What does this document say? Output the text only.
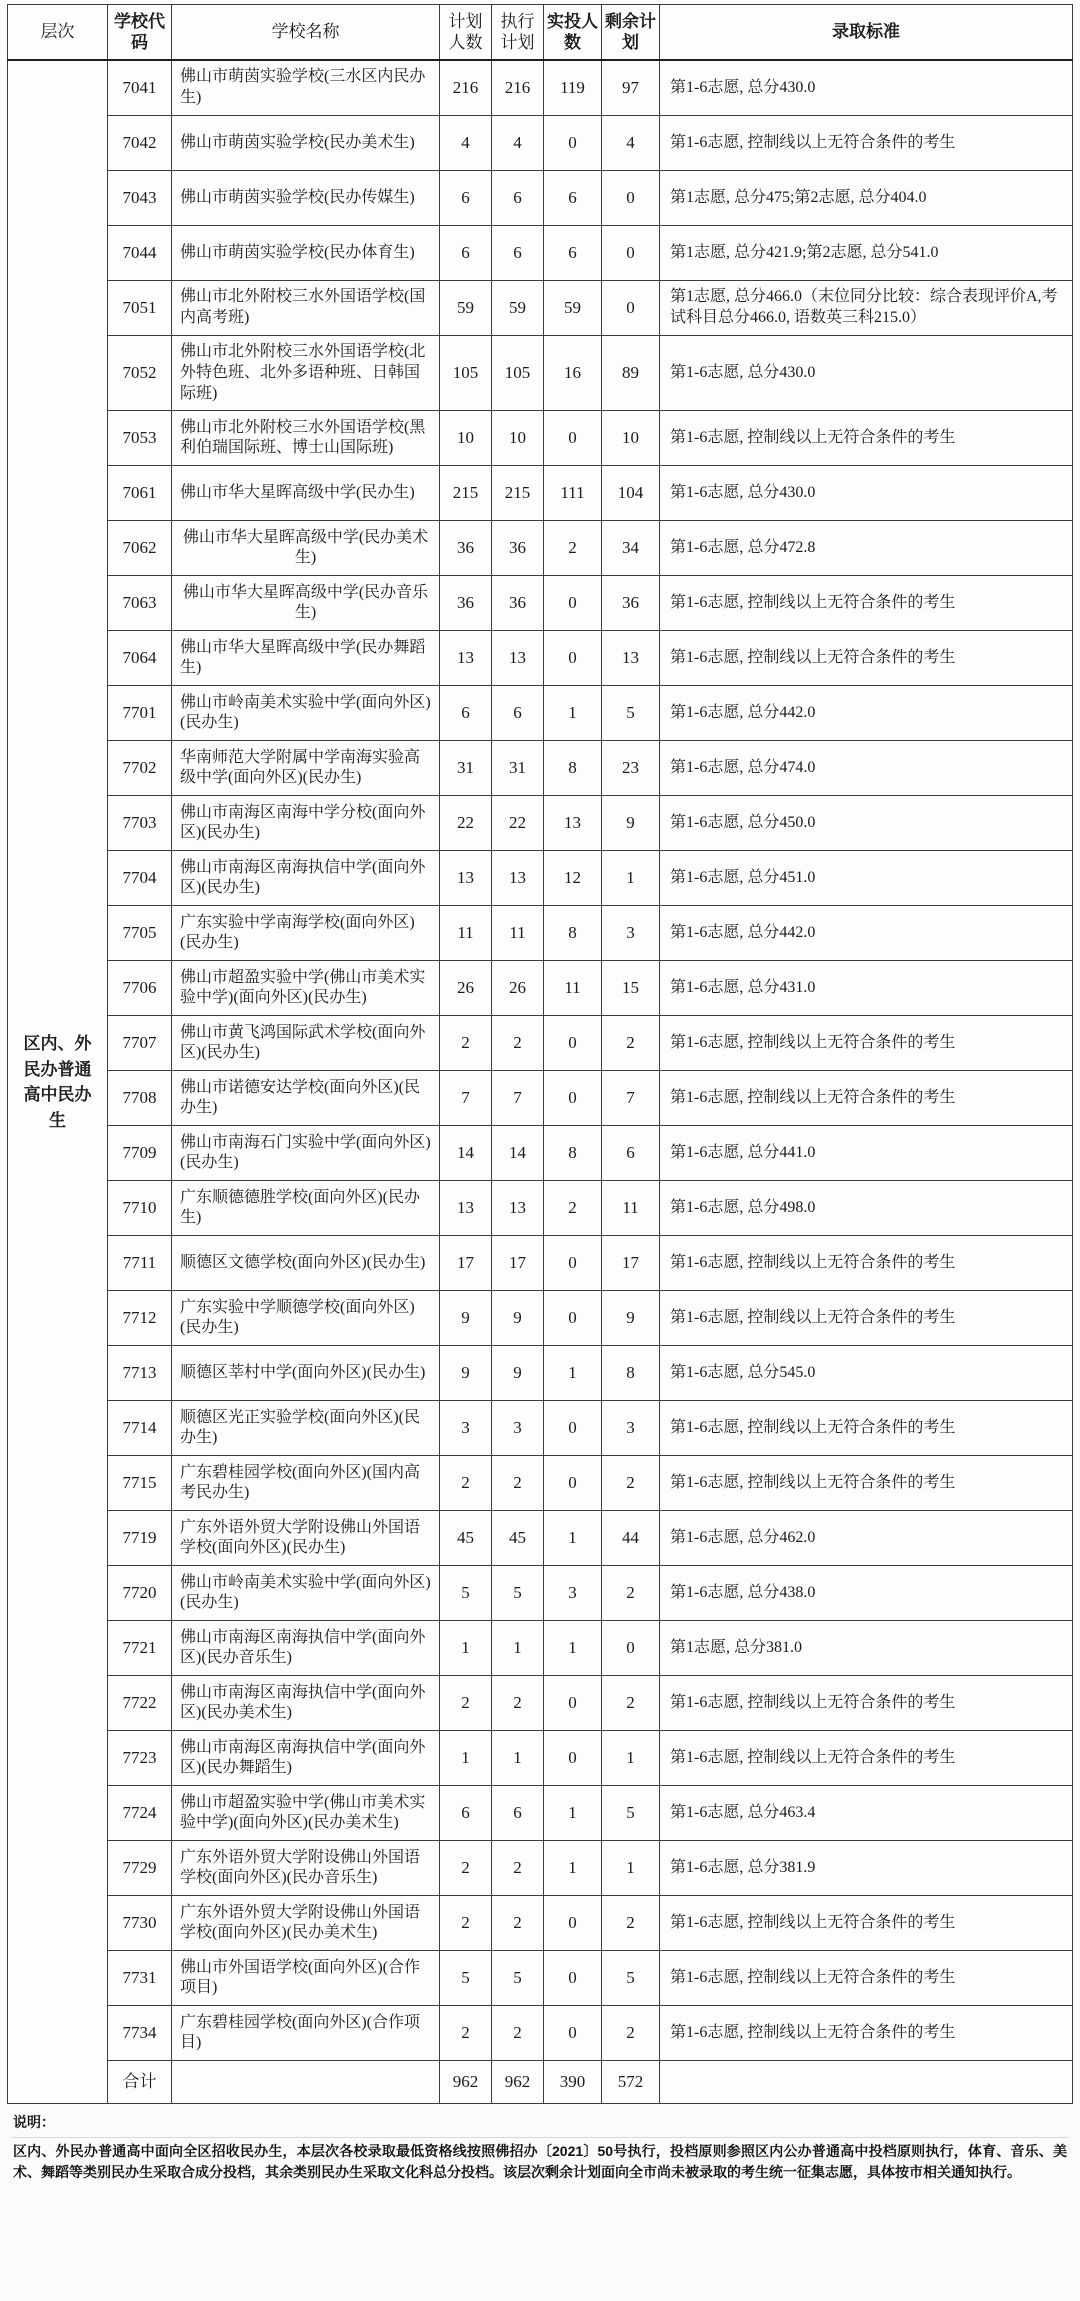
层次	学校代码	学校名称	计划人数	执行计划	实投人数	剩余计划	录取标准
区内、外民办普通高中民办生	7041	佛山市萌茵实验学校(三水区内民办生)	216	216	119	97	第1-6志愿, 总分430.0
	7042	佛山市萌茵实验学校(民办美术生)	4	4	0	4	第1-6志愿, 控制线以上无符合条件的考生
	7043	佛山市萌茵实验学校(民办传媒生)	6	6	6	0	第1志愿, 总分475;第2志愿, 总分404.0
	7044	佛山市萌茵实验学校(民办体育生)	6	6	6	0	第1志愿, 总分421.9;第2志愿, 总分541.0
	7051	佛山市北外附校三水外国语学校(国内高考班)	59	59	59	0	第1志愿, 总分466.0（末位同分比较：综合表现评价A,考试科目总分466.0, 语数英三科215.0）
	7052	佛山市北外附校三水外国语学校(北外特色班、北外多语种班、日韩国际班)	105	105	16	89	第1-6志愿, 总分430.0
	7053	佛山市北外附校三水外国语学校(黑利伯瑞国际班、博士山国际班)	10	10	0	10	第1-6志愿, 控制线以上无符合条件的考生
	7061	佛山市华大星晖高级中学(民办生)	215	215	111	104	第1-6志愿, 总分430.0
	7062	佛山市华大星晖高级中学(民办美术生)	36	36	2	34	第1-6志愿, 总分472.8
	7063	佛山市华大星晖高级中学(民办音乐生)	36	36	0	36	第1-6志愿, 控制线以上无符合条件的考生
	7064	佛山市华大星晖高级中学(民办舞蹈生)	13	13	0	13	第1-6志愿, 控制线以上无符合条件的考生
	7701	佛山市岭南美术实验中学(面向外区)(民办生)	6	6	1	5	第1-6志愿, 总分442.0
	7702	华南师范大学附属中学南海实验高级中学(面向外区)(民办生)	31	31	8	23	第1-6志愿, 总分474.0
	7703	佛山市南海区南海中学分校(面向外区)(民办生)	22	22	13	9	第1-6志愿, 总分450.0
	7704	佛山市南海区南海执信中学(面向外区)(民办生)	13	13	12	1	第1-6志愿, 总分451.0
	7705	广东实验中学南海学校(面向外区)(民办生)	11	11	8	3	第1-6志愿, 总分442.0
	7706	佛山市超盈实验中学(佛山市美术实验中学)(面向外区)(民办生)	26	26	11	15	第1-6志愿, 总分431.0
	7707	佛山市黄飞鸿国际武术学校(面向外区)(民办生)	2	2	0	2	第1-6志愿, 控制线以上无符合条件的考生
	7708	佛山市诺德安达学校(面向外区)(民办生)	7	7	0	7	第1-6志愿, 控制线以上无符合条件的考生
	7709	佛山市南海石门实验中学(面向外区)(民办生)	14	14	8	6	第1-6志愿, 总分441.0
	7710	广东顺德德胜学校(面向外区)(民办生)	13	13	2	11	第1-6志愿, 总分498.0
	7711	顺德区文德学校(面向外区)(民办生)	17	17	0	17	第1-6志愿, 控制线以上无符合条件的考生
	7712	广东实验中学顺德学校(面向外区)(民办生)	9	9	0	9	第1-6志愿, 控制线以上无符合条件的考生
	7713	顺德区莘村中学(面向外区)(民办生)	9	9	1	8	第1-6志愿, 总分545.0
	7714	顺德区光正实验学校(面向外区)(民办生)	3	3	0	3	第1-6志愿, 控制线以上无符合条件的考生
	7715	广东碧桂园学校(面向外区)(国内高考民办生)	2	2	0	2	第1-6志愿, 控制线以上无符合条件的考生
	7719	广东外语外贸大学附设佛山外国语学校(面向外区)(民办生)	45	45	1	44	第1-6志愿, 总分462.0
	7720	佛山市岭南美术实验中学(面向外区)(民办生)	5	5	3	2	第1-6志愿, 总分438.0
	7721	佛山市南海区南海执信中学(面向外区)(民办音乐生)	1	1	1	0	第1志愿, 总分381.0
	7722	佛山市南海区南海执信中学(面向外区)(民办美术生)	2	2	0	2	第1-6志愿, 控制线以上无符合条件的考生
	7723	佛山市南海区南海执信中学(面向外区)(民办舞蹈生)	1	1	0	1	第1-6志愿, 控制线以上无符合条件的考生
	7724	佛山市超盈实验中学(佛山市美术实验中学)(面向外区)(民办美术生)	6	6	1	5	第1-6志愿, 总分463.4
	7729	广东外语外贸大学附设佛山外国语学校(面向外区)(民办音乐生)	2	2	1	1	第1-6志愿, 总分381.9
	7730	广东外语外贸大学附设佛山外国语学校(面向外区)(民办美术生)	2	2	0	2	第1-6志愿, 控制线以上无符合条件的考生
	7731	佛山市外国语学校(面向外区)(合作项目)	5	5	0	5	第1-6志愿, 控制线以上无符合条件的考生
	7734	广东碧桂园学校(面向外区)(合作项目)	2	2	0	2	第1-6志愿, 控制线以上无符合条件的考生
	合计		962	962	390	572	
说明：
区内、外民办普通高中面向全区招收民办生，本层次各校录取最低资格线按照佛招办〔2021〕50号执行，投档原则参照区内公办普通高中投档原则执行，体育、音乐、美术、舞蹈等类别民办生采取合成分投档，其余类别民办生采取文化科总分投档。该层次剩余计划面向全市尚未被录取的考生统一征集志愿，具体按市相关通知执行。
